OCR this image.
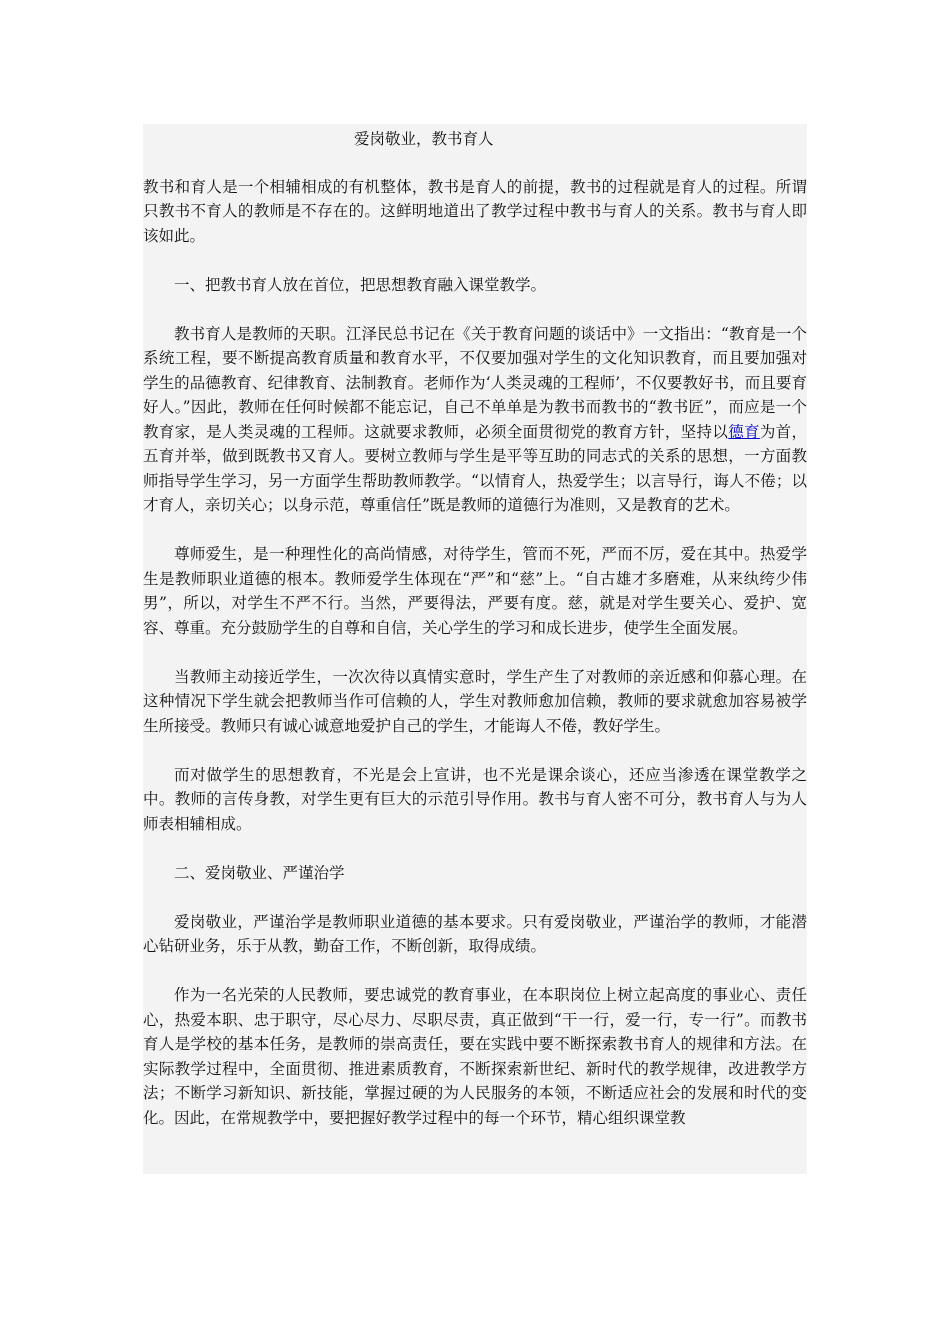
爱岗敬业，教书育人

教书和育人是一个相辅相成的有机整体，教书是育人的前提，教书的过程就是育人的过程。所谓只教书不育人的教师是不存在的。这鲜明地道出了教学过程中教书与育人的关系。教书与育人即该如此。

一、把教书育人放在首位，把思想教育融入课堂教学。

教书育人是教师的天职。江泽民总书记在《关于教育问题的谈话中》一文指出：“教育是一个系统工程，要不断提高教育质量和教育水平，不仅要加强对学生的文化知识教育，而且要加强对学生的品德教育、纪律教育、法制教育。老师作为‘人类灵魂的工程师’，不仅要教好书，而且要育好人。”因此，教师在任何时候都不能忘记，自己不单单是为教书而教书的“教书匠”，而应是一个教育家，是人类灵魂的工程师。这就要求教师，必须全面贯彻党的教育方针，坚持以德育为首，五育并举，做到既教书又育人。要树立教师与学生是平等互助的同志式的关系的思想，一方面教师指导学生学习，另一方面学生帮助教师教学。“以情育人，热爱学生；以言导行，诲人不倦；以才育人，亲切关心；以身示范，尊重信任”既是教师的道德行为准则，又是教育的艺术。

尊师爱生，是一种理性化的高尚情感，对待学生，管而不死，严而不厉，爱在其中。热爱学生是教师职业道德的根本。教师爱学生体现在“严”和“慈”上。“自古雄才多磨难，从来纨绔少伟男”，所以，对学生不严不行。当然，严要得法，严要有度。慈，就是对学生要关心、爱护、宽容、尊重。充分鼓励学生的自尊和自信，关心学生的学习和成长进步，使学生全面发展。

当教师主动接近学生，一次次待以真情实意时，学生产生了对教师的亲近感和仰慕心理。在这种情况下学生就会把教师当作可信赖的人，学生对教师愈加信赖，教师的要求就愈加容易被学生所接受。教师只有诚心诚意地爱护自己的学生，才能诲人不倦，教好学生。

而对做学生的思想教育，不光是会上宣讲，也不光是课余谈心，还应当渗透在课堂教学之中。教师的言传身教，对学生更有巨大的示范引导作用。教书与育人密不可分，教书育人与为人师表相辅相成。

二、爱岗敬业、严谨治学

爱岗敬业，严谨治学是教师职业道德的基本要求。只有爱岗敬业，严谨治学的教师，才能潜心钻研业务，乐于从教，勤奋工作，不断创新，取得成绩。

作为一名光荣的人民教师，要忠诚党的教育事业，在本职岗位上树立起高度的事业心、责任心，热爱本职、忠于职守，尽心尽力、尽职尽责，真正做到“干一行，爱一行，专一行”。而教书育人是学校的基本任务，是教师的崇高责任，要在实践中要不断探索教书育人的规律和方法。在实际教学过程中，全面贯彻、推进素质教育，不断探索新世纪、新时代的教学规律，改进教学方法；不断学习新知识、新技能，掌握过硬的为人民服务的本领，不断适应社会的发展和时代的变化。因此，在常规教学中，要把握好教学过程中的每一个环节，精心组织课堂教
